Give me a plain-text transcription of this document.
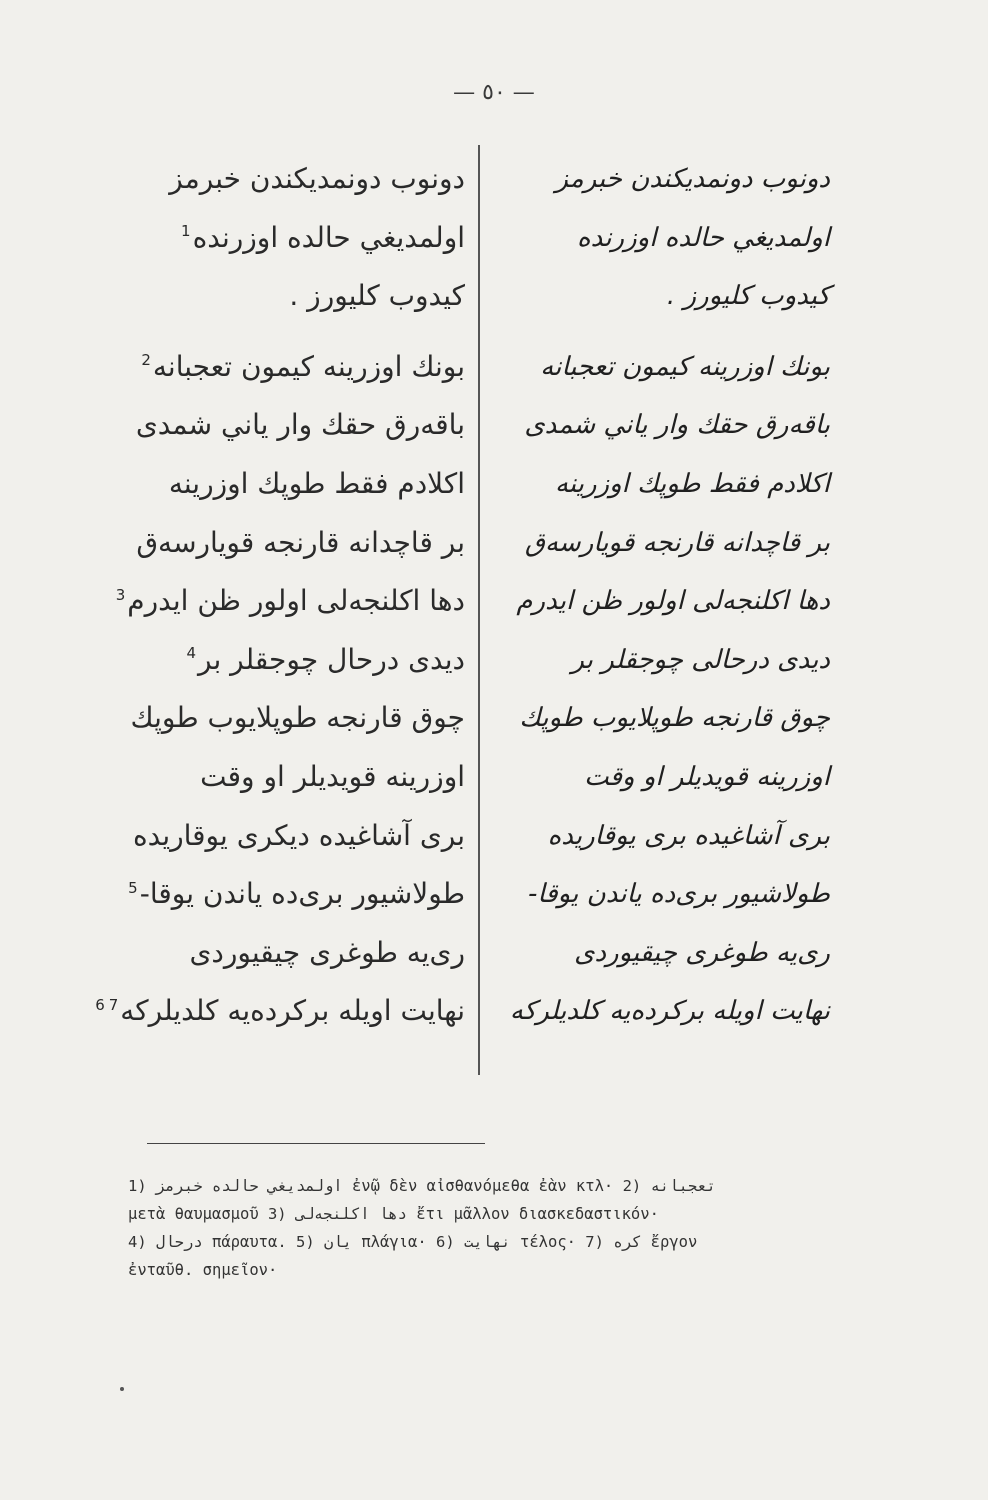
— ٥٠ —
دونوب دونمديكندن خبرمز
اولمديغي حالده اوزرنده$^1$
كيدوب كليورز .
بونك اوزرينه كيمون تعجبانه$^2$
باقەرق حقك وار ياني شمدى
اكلادم فقط طوپك اوزرينه
بر قاچدانه قارنجه قويارسەق
دها اكلنجەلى اولور ظن ايدرم$^3$
ديدى درحال چوجقلر بر$^4$
چوق قارنجه طوپلايوب طوپك
اوزرينه قويديلر او وقت
برى آشاغيده ديكرى يوقاريده
طولاشيور بری‌ده ياندن يوقا-$^5$
رى‌يه طوغرى چيقيوردى
نهايت اويله بركرده‌يه كلديلركه$^6$ $^7$
دونوب دونمديكندن خبرمز
اولمديغي حالده اوزرنده
كيدوب كليورز .
بونك اوزرينه كيمون تعجبانه
باقەرق حقك وار ياني شمدى
اكلادم فقط طوپك اوزرينه
بر قاچدانه قارنجه قويارسەق
دها اكلنجەلى اولور ظن ايدرم
ديدى درحالى چوجقلر بر
چوق قارنجه طوپلايوب طوپك
اوزرينه قويديلر او وقت
برى آشاغيده برى يوقاريده
طولاشيور بری‌ده ياندن يوقا-
رى‌يه طوغرى چيقيوردى
نهايت اويله بركرده‌يه كلديلركه
1) اولمديغي حالده خبرمز ἐνῷ δὲν αἰσθανόμεθα ἐὰν κτλ· 2) تعجبانه
μετὰ θαυμασμοῦ 3) دها اكلنجەلى ἔτι μᾶλλον διασκεδαστικόν·
4) درحال πάραυτα. 5) يان πλάγια· 6) نهايت τέλος· 7) كره ἔργον
ἐνταῦθ. σημεῖον·
